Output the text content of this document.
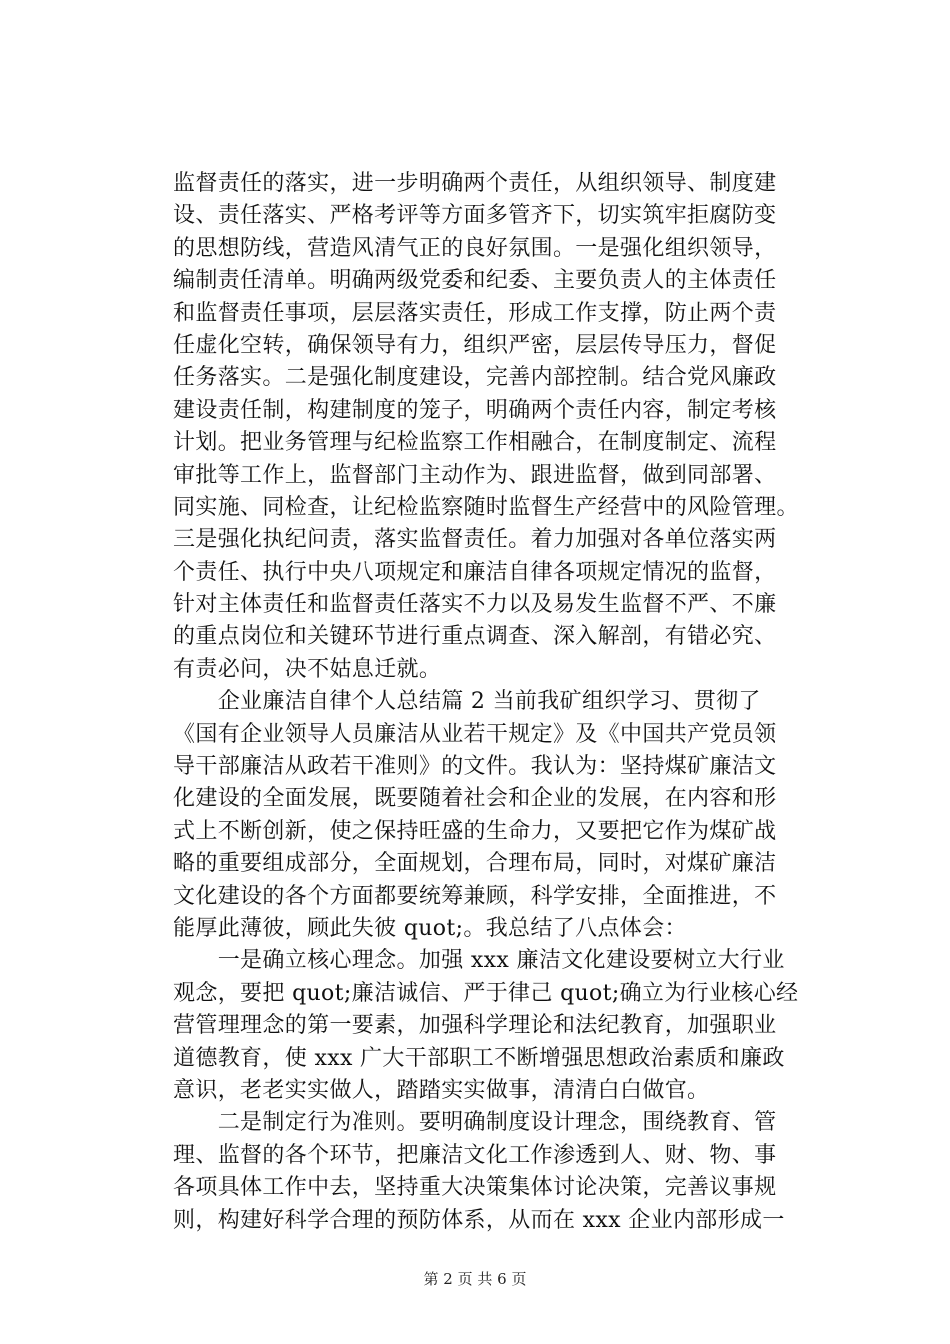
监督责任的落实，进一步明确两个责任，从组织领导、制度建
设、责任落实、严格考评等方面多管齐下，切实筑牢拒腐防变
的思想防线，营造风清气正的良好氛围。一是强化组织领导，
编制责任清单。明确两级党委和纪委、主要负责人的主体责任
和监督责任事项，层层落实责任，形成工作支撑，防止两个责
任虚化空转，确保领导有力，组织严密，层层传导压力，督促
任务落实。二是强化制度建设，完善内部控制。结合党风廉政
建设责任制，构建制度的笼子，明确两个责任内容，制定考核
计划。把业务管理与纪检监察工作相融合，在制度制定、流程
审批等工作上，监督部门主动作为、跟进监督，做到同部署、
同实施、同检查，让纪检监察随时监督生产经营中的风险管理。
三是强化执纪问责，落实监督责任。着力加强对各单位落实两
个责任、执行中央八项规定和廉洁自律各项规定情况的监督，
针对主体责任和监督责任落实不力以及易发生监督不严、不廉
的重点岗位和关键环节进行重点调查、深入解剖，有错必究、
有责必问，决不姑息迁就。
　　企业廉洁自律个人总结篇 2 当前我矿组织学习、贯彻了
《国有企业领导人员廉洁从业若干规定》及《中国共产党员领
导干部廉洁从政若干准则》的文件。我认为：坚持煤矿廉洁文
化建设的全面发展，既要随着社会和企业的发展，在内容和形
式上不断创新，使之保持旺盛的生命力，又要把它作为煤矿战
略的重要组成部分，全面规划，合理布局，同时，对煤矿廉洁
文化建设的各个方面都要统筹兼顾，科学安排，全面推进，不
能厚此薄彼，顾此失彼 quot;。我总结了八点体会：
　　一是确立核心理念。加强 xxx 廉洁文化建设要树立大行业
观念，要把 quot;廉洁诚信、严于律己 quot;确立为行业核心经
营管理理念的第一要素，加强科学理论和法纪教育，加强职业
道德教育，使 xxx 广大干部职工不断增强思想政治素质和廉政
意识，老老实实做人，踏踏实实做事，清清白白做官。
　　二是制定行为准则。要明确制度设计理念，围绕教育、管
理、监督的各个环节，把廉洁文化工作渗透到人、财、物、事
各项具体工作中去，坚持重大决策集体讨论决策，完善议事规
则，构建好科学合理的预防体系，从而在 xxx 企业内部形成一
第 2 页 共 6 页
